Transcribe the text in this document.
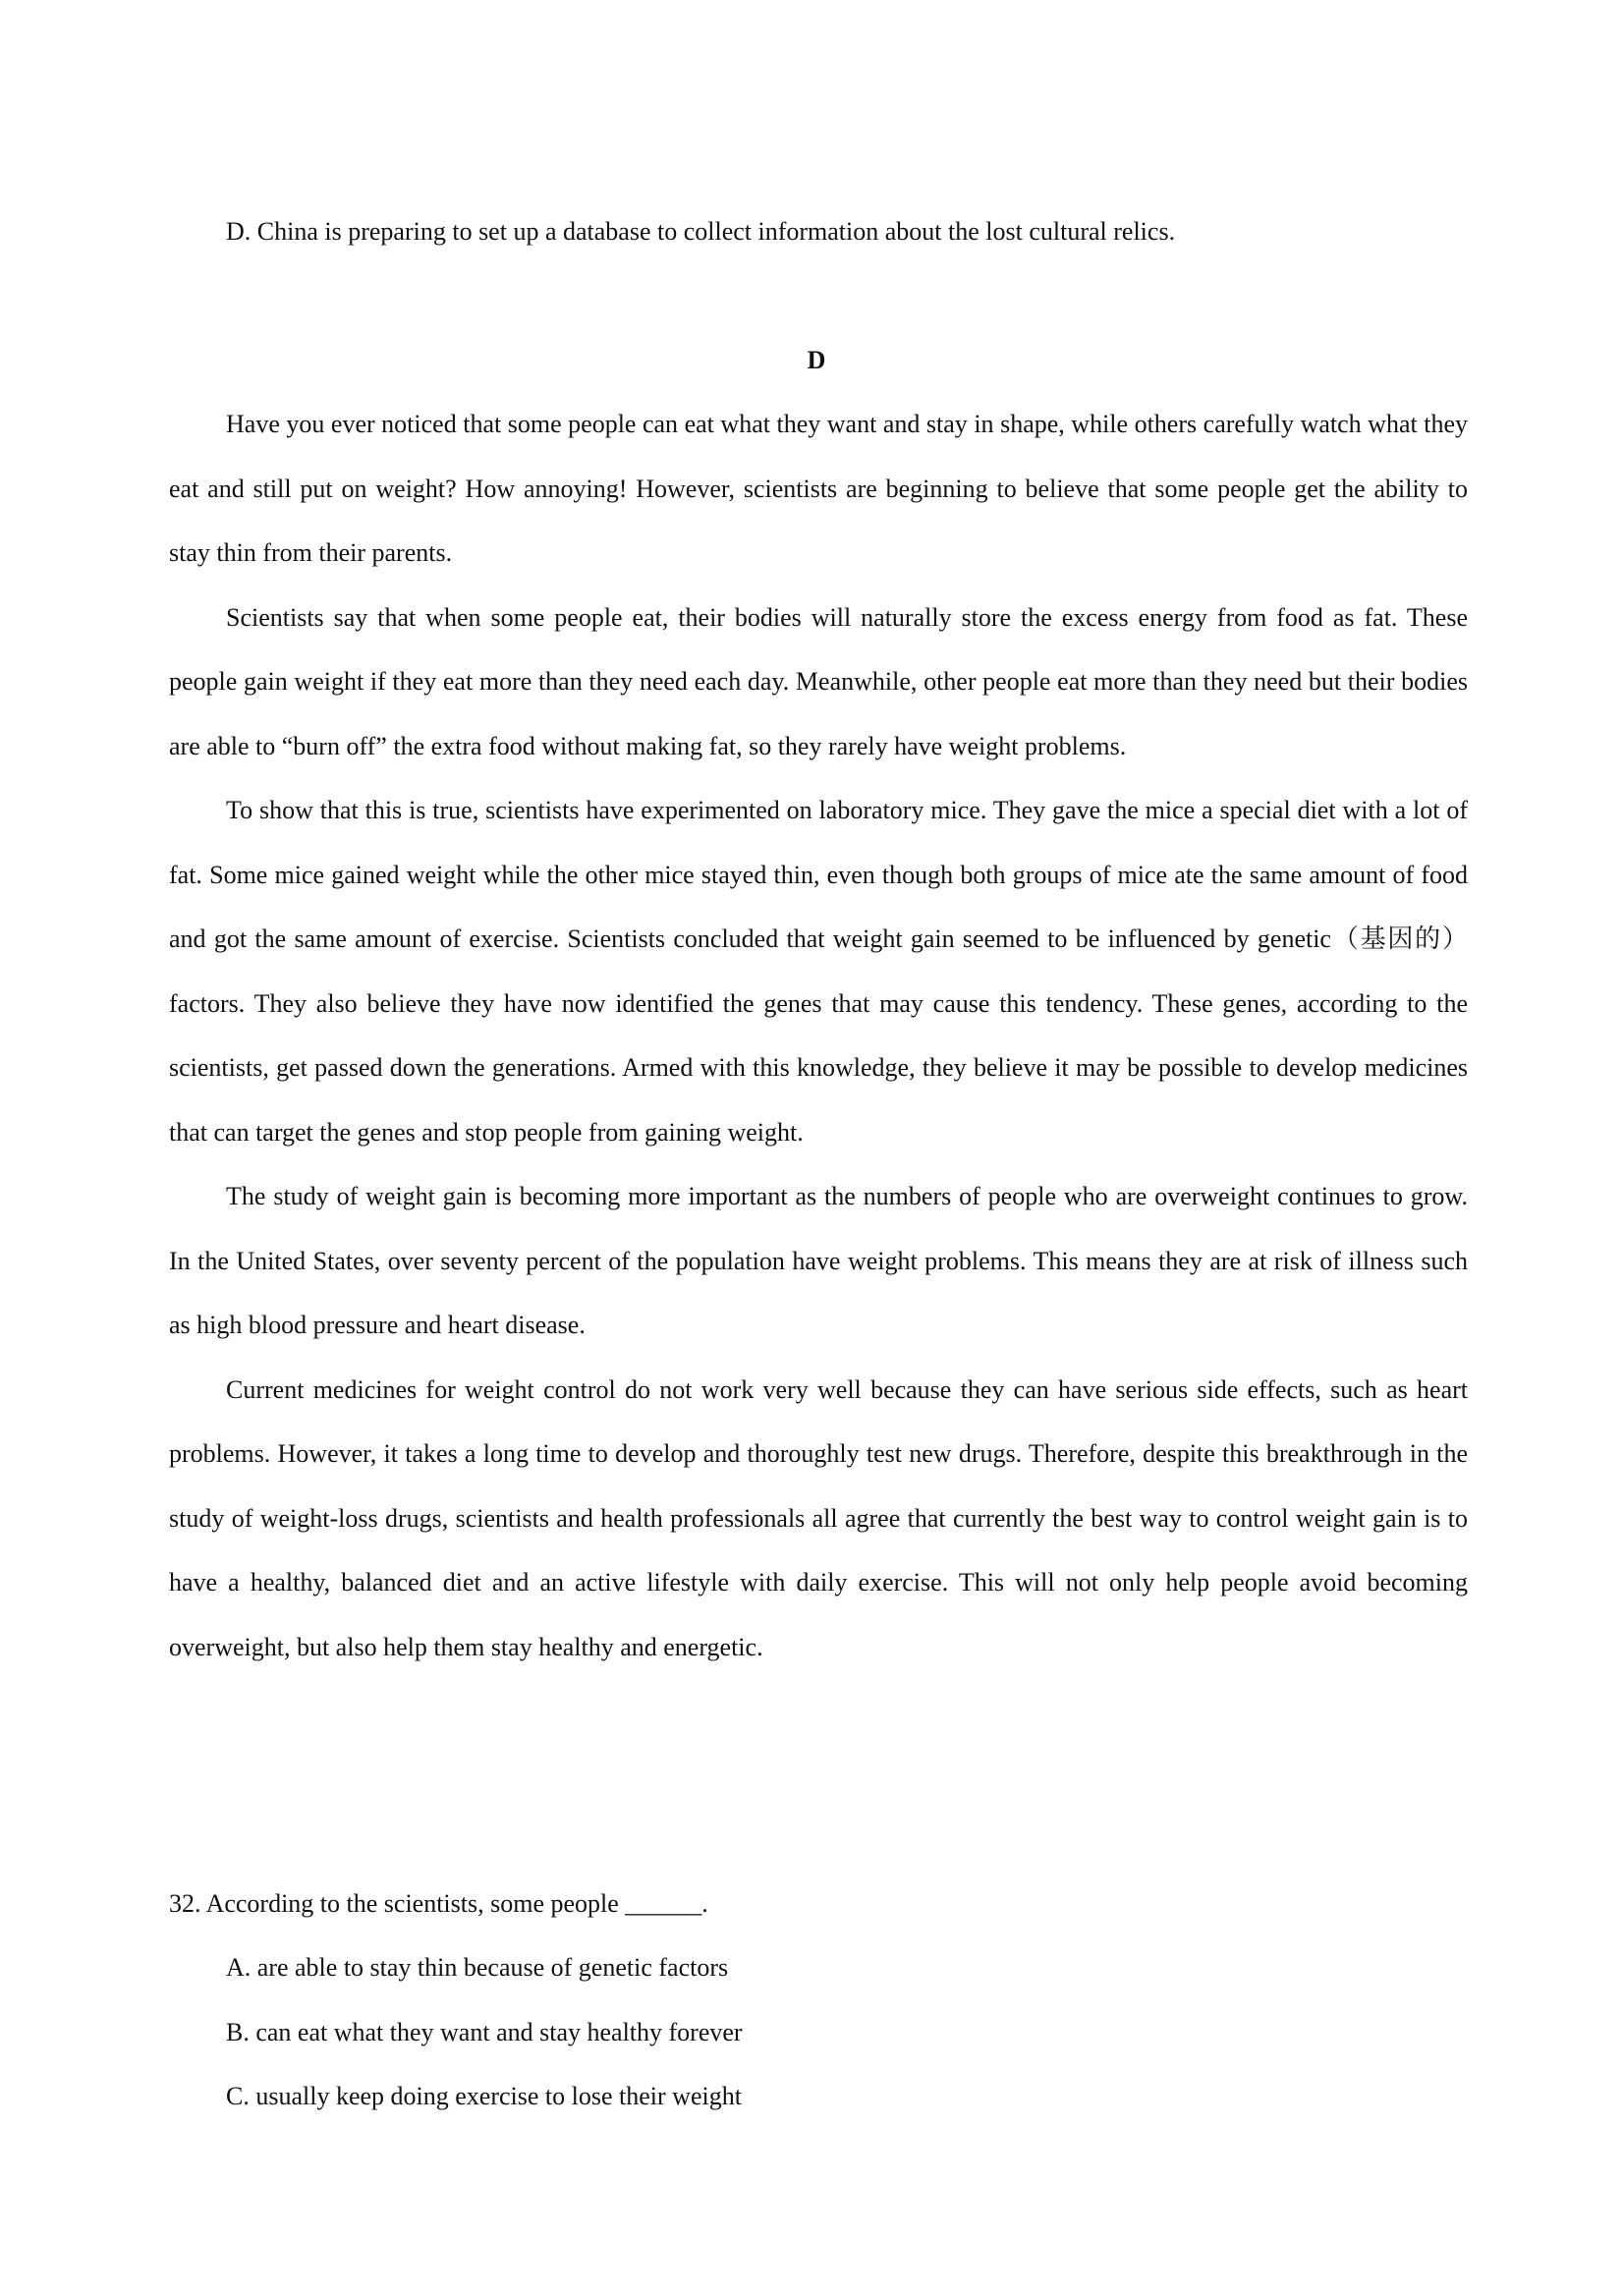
D. China is preparing to set up a database to collect information about the lost cultural relics.
D

Have you ever noticed that some people can eat what they want and stay in shape, while others carefully watch what they eat and still put on weight? How annoying! However, scientists are beginning to believe that some people get the ability to stay thin from their parents.

Scientists say that when some people eat, their bodies will naturally store the excess energy from food as fat. These people gain weight if they eat more than they need each day. Meanwhile, other people eat more than they need but their bodies are able to “burn off” the extra food without making fat, so they rarely have weight problems.

To show that this is true, scientists have experimented on laboratory mice. They gave the mice a special diet with a lot of fat. Some mice gained weight while the other mice stayed thin, even though both groups of mice ate the same amount of food and got the same amount of exercise. Scientists concluded that weight gain seemed to be influenced by genetic（基因的）factors. They also believe they have now identified the genes that may cause this tendency. These genes, according to the scientists, get passed down the generations. Armed with this knowledge, they believe it may be possible to develop medicines that can target the genes and stop people from gaining weight.

The study of weight gain is becoming more important as the numbers of people who are overweight continues to grow. In the United States, over seventy percent of the population have weight problems. This means they are at risk of illness such as high blood pressure and heart disease.

Current medicines for weight control do not work very well because they can have serious side effects, such as heart problems. However, it takes a long time to develop and thoroughly test new drugs. Therefore, despite this breakthrough in the study of weight-loss drugs, scientists and health professionals all agree that currently the best way to control weight gain is to have a healthy, balanced diet and an active lifestyle with daily exercise. This will not only help people avoid becoming overweight, but also help them stay healthy and energetic.

32. According to the scientists, some people ______.
A. are able to stay thin because of genetic factors
B. can eat what they want and stay healthy forever
C. usually keep doing exercise to lose their weight
